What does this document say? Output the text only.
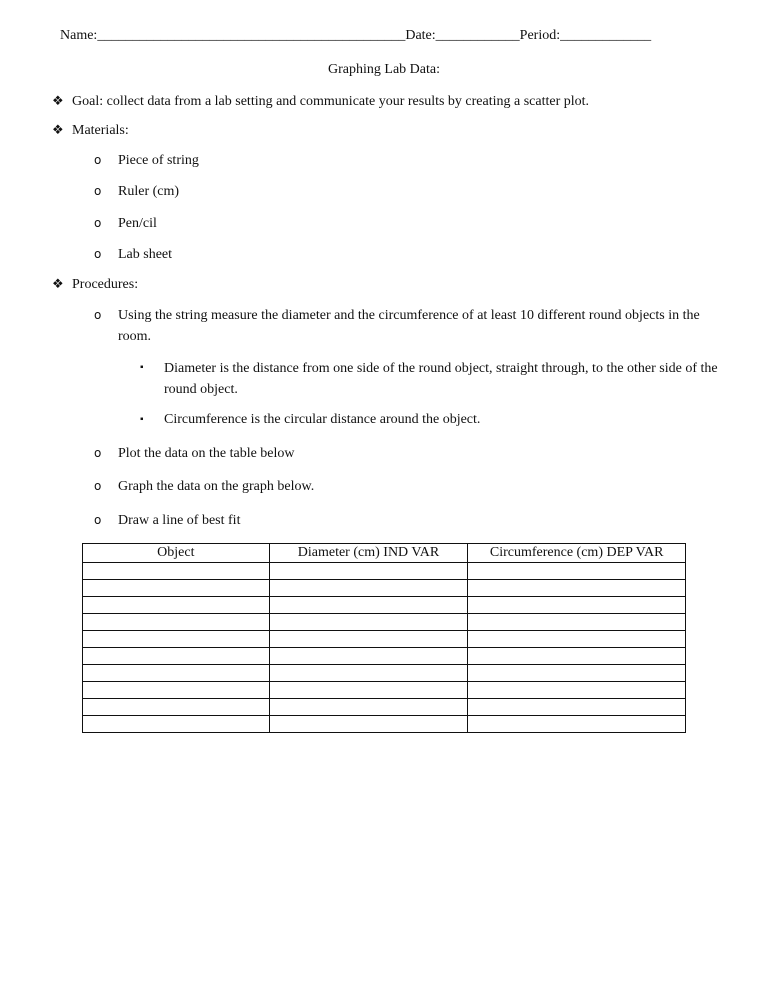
Name:____________________________________________Date:____________Period:_____________
Graphing Lab Data:
❖ Goal: collect data from a lab setting and communicate your results by creating a scatter plot.
❖ Materials:
o Piece of string
o Ruler (cm)
o Pen/cil
o Lab sheet
❖ Procedures:
o Using the string measure the diameter and the circumference of at least 10 different round objects in the room.
▪ Diameter is the distance from one side of the round object, straight through, to the other side of the round object.
▪ Circumference is the circular distance around the object.
o Plot the data on the table below
o Graph the data on the graph below.
o Draw a line of best fit
Object	Diameter (cm) IND VAR	Circumference (cm) DEP VAR
